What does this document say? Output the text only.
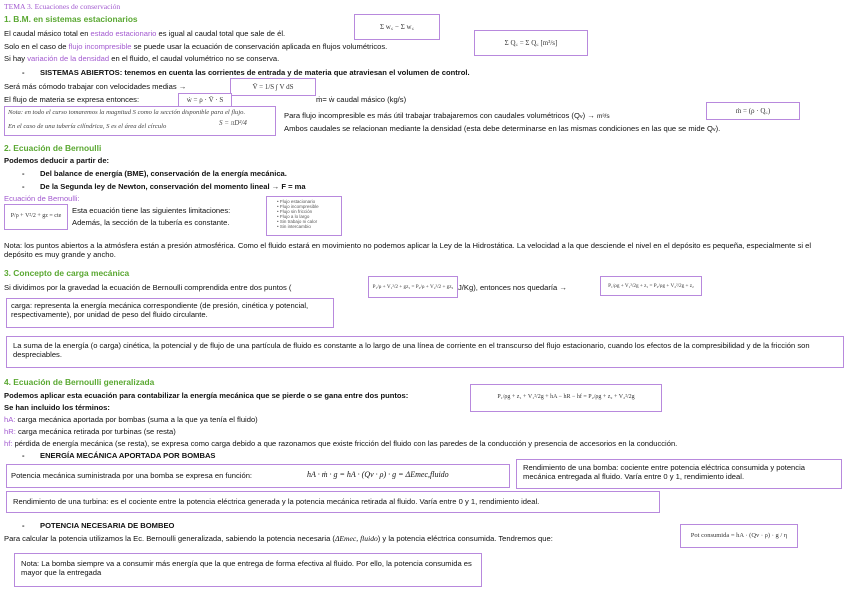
TEMA 3. Ecuaciones de conservación
1. B.M. en sistemas estacionarios
El caudal másico total en estado estacionario es igual al caudal total que sale de él.
Solo en el caso de flujo incompresible se puede usar la ecuación de conservación aplicada en flujos volumétricos.
Si hay variación de la densidad en el fluido, el caudal volumétrico no se conserva.
Σ w꜀ − Σ w꜀
Σ Q꜀ = Σ Q꜀ [m³/s]
- SISTEMAS ABIERTOS: tenemos en cuenta las corrientes de entrada y de materia que atraviesan el volumen de control.
Será más cómodo trabajar con velocidades medias →	V̄ = 1/S ∫ V dS
El flujo de materia se expresa entonces:	ẇ = ρ · V̄ · S	ṁ= ẇ caudal másico (kg/s)
Nota: en todo el curso tomaremos la magnitud S como la sección disponible para el flujo.
En el caso de una tubería cilíndrica, S es el área del círculo	S = πD²/4
Para flujo incompresible es más útil trabajar trabajaremos con caudales volumétricos (Qv) → m³/s
ṁ = (ρ · Q꜀)
Ambos caudales se relacionan mediante la densidad (esta debe determinarse en las mismas condiciones en las que se mide Qv).
2. Ecuación de Bernoulli
Podemos deducir a partir de:
- Del balance de energía (BME), conservación de la energía mecánica.
- De la Segunda ley de Newton, conservación del momento lineal → F = ma
Ecuación de Bernoulli:
P/ρ + V²/2 + gz = cte
Esta ecuación tiene las siguientes limitaciones:
Además, la sección de la tubería es constante.
• Flujo estacionario
• Flujo incompresible
• Flujo sin fricción
• Flujo a lo largo
• Sin trabajo ni calor
• Sin intercambio
Nota: los puntos abiertos a la atmósfera están a presión atmosférica. Como el fluido estará en movimiento no podemos aplicar la Ley de la Hidrostática. La velocidad a la que desciende el nivel en el depósito es pequeña, especialmente si el depósito es muy grande y ancho.
3. Concepto de carga mecánica
Si dividimos por la gravedad la ecuación de Bernoulli comprendida entre dos puntos (	P₁/ρ + V₁²/2 + gz₁ = P₂/ρ + V₂²/2 + gz₂ J/Kg), entonces nos quedaría →	P₁/ρg + V₁²/2g + z₁ = P₂/ρg + V₂²/2g + z₂
carga: representa la energía mecánica correspondiente (de presión, cinética y potencial, respectivamente), por unidad de peso del fluido circulante.
La suma de la energía (o carga) cinética, la potencial y de flujo de una partícula de fluido es constante a lo largo de una línea de corriente en el transcurso del flujo estacionario, cuando los efectos de la compresibilidad y de la fricción son despreciables.
4. Ecuación de Bernoulli generalizada
Podemos aplicar esta ecuación para contabilizar la energía mecánica que se pierde o se gana entre dos puntos:	P₁/ρg + z₁ + V₁²/2g + hA − hR − hf = P₂/ρg + z₂ + V₂²/2g
Se han incluido los términos:
hA: carga mecánica aportada por bombas (suma a la que ya tenía el fluido)
hR: carga mecánica retirada por turbinas (se resta)
hf: pérdida de energía mecánica (se resta), se expresa como carga debido a que razonamos que existe fricción del fluido con las paredes de la conducción y presencia de accesorios en la conducción.
- ENERGÍA MECÁNICA APORTADA POR BOMBAS
Potencia mecánica suministrada por una bomba se expresa en función:	hA · ṁ · g = hA · (Qv · ρ) · g = ΔEmec,fluido
Rendimiento de una bomba: cociente entre potencia eléctrica consumida y potencia mecánica entregada al fluido. Varía entre 0 y 1, rendimiento ideal.
Rendimiento de una turbina: es el cociente entre la potencia eléctrica generada y la potencia mecánica retirada al fluido. Varía entre 0 y 1, rendimiento ideal.
- POTENCIA NECESARIA DE BOMBEO
Para calcular la potencia utilizamos la Ec. Bernoulli generalizada, sabiendo la potencia necesaria (ΔEmec, fluido) y la potencia eléctrica consumida. Tendremos que:	Pot consumida = hA · (Qv · ρ) · g / η
Nota: La bomba siempre va a consumir más energía que la que entrega de forma efectiva al fluido. Por ello, la potencia consumida es mayor que la entregada
